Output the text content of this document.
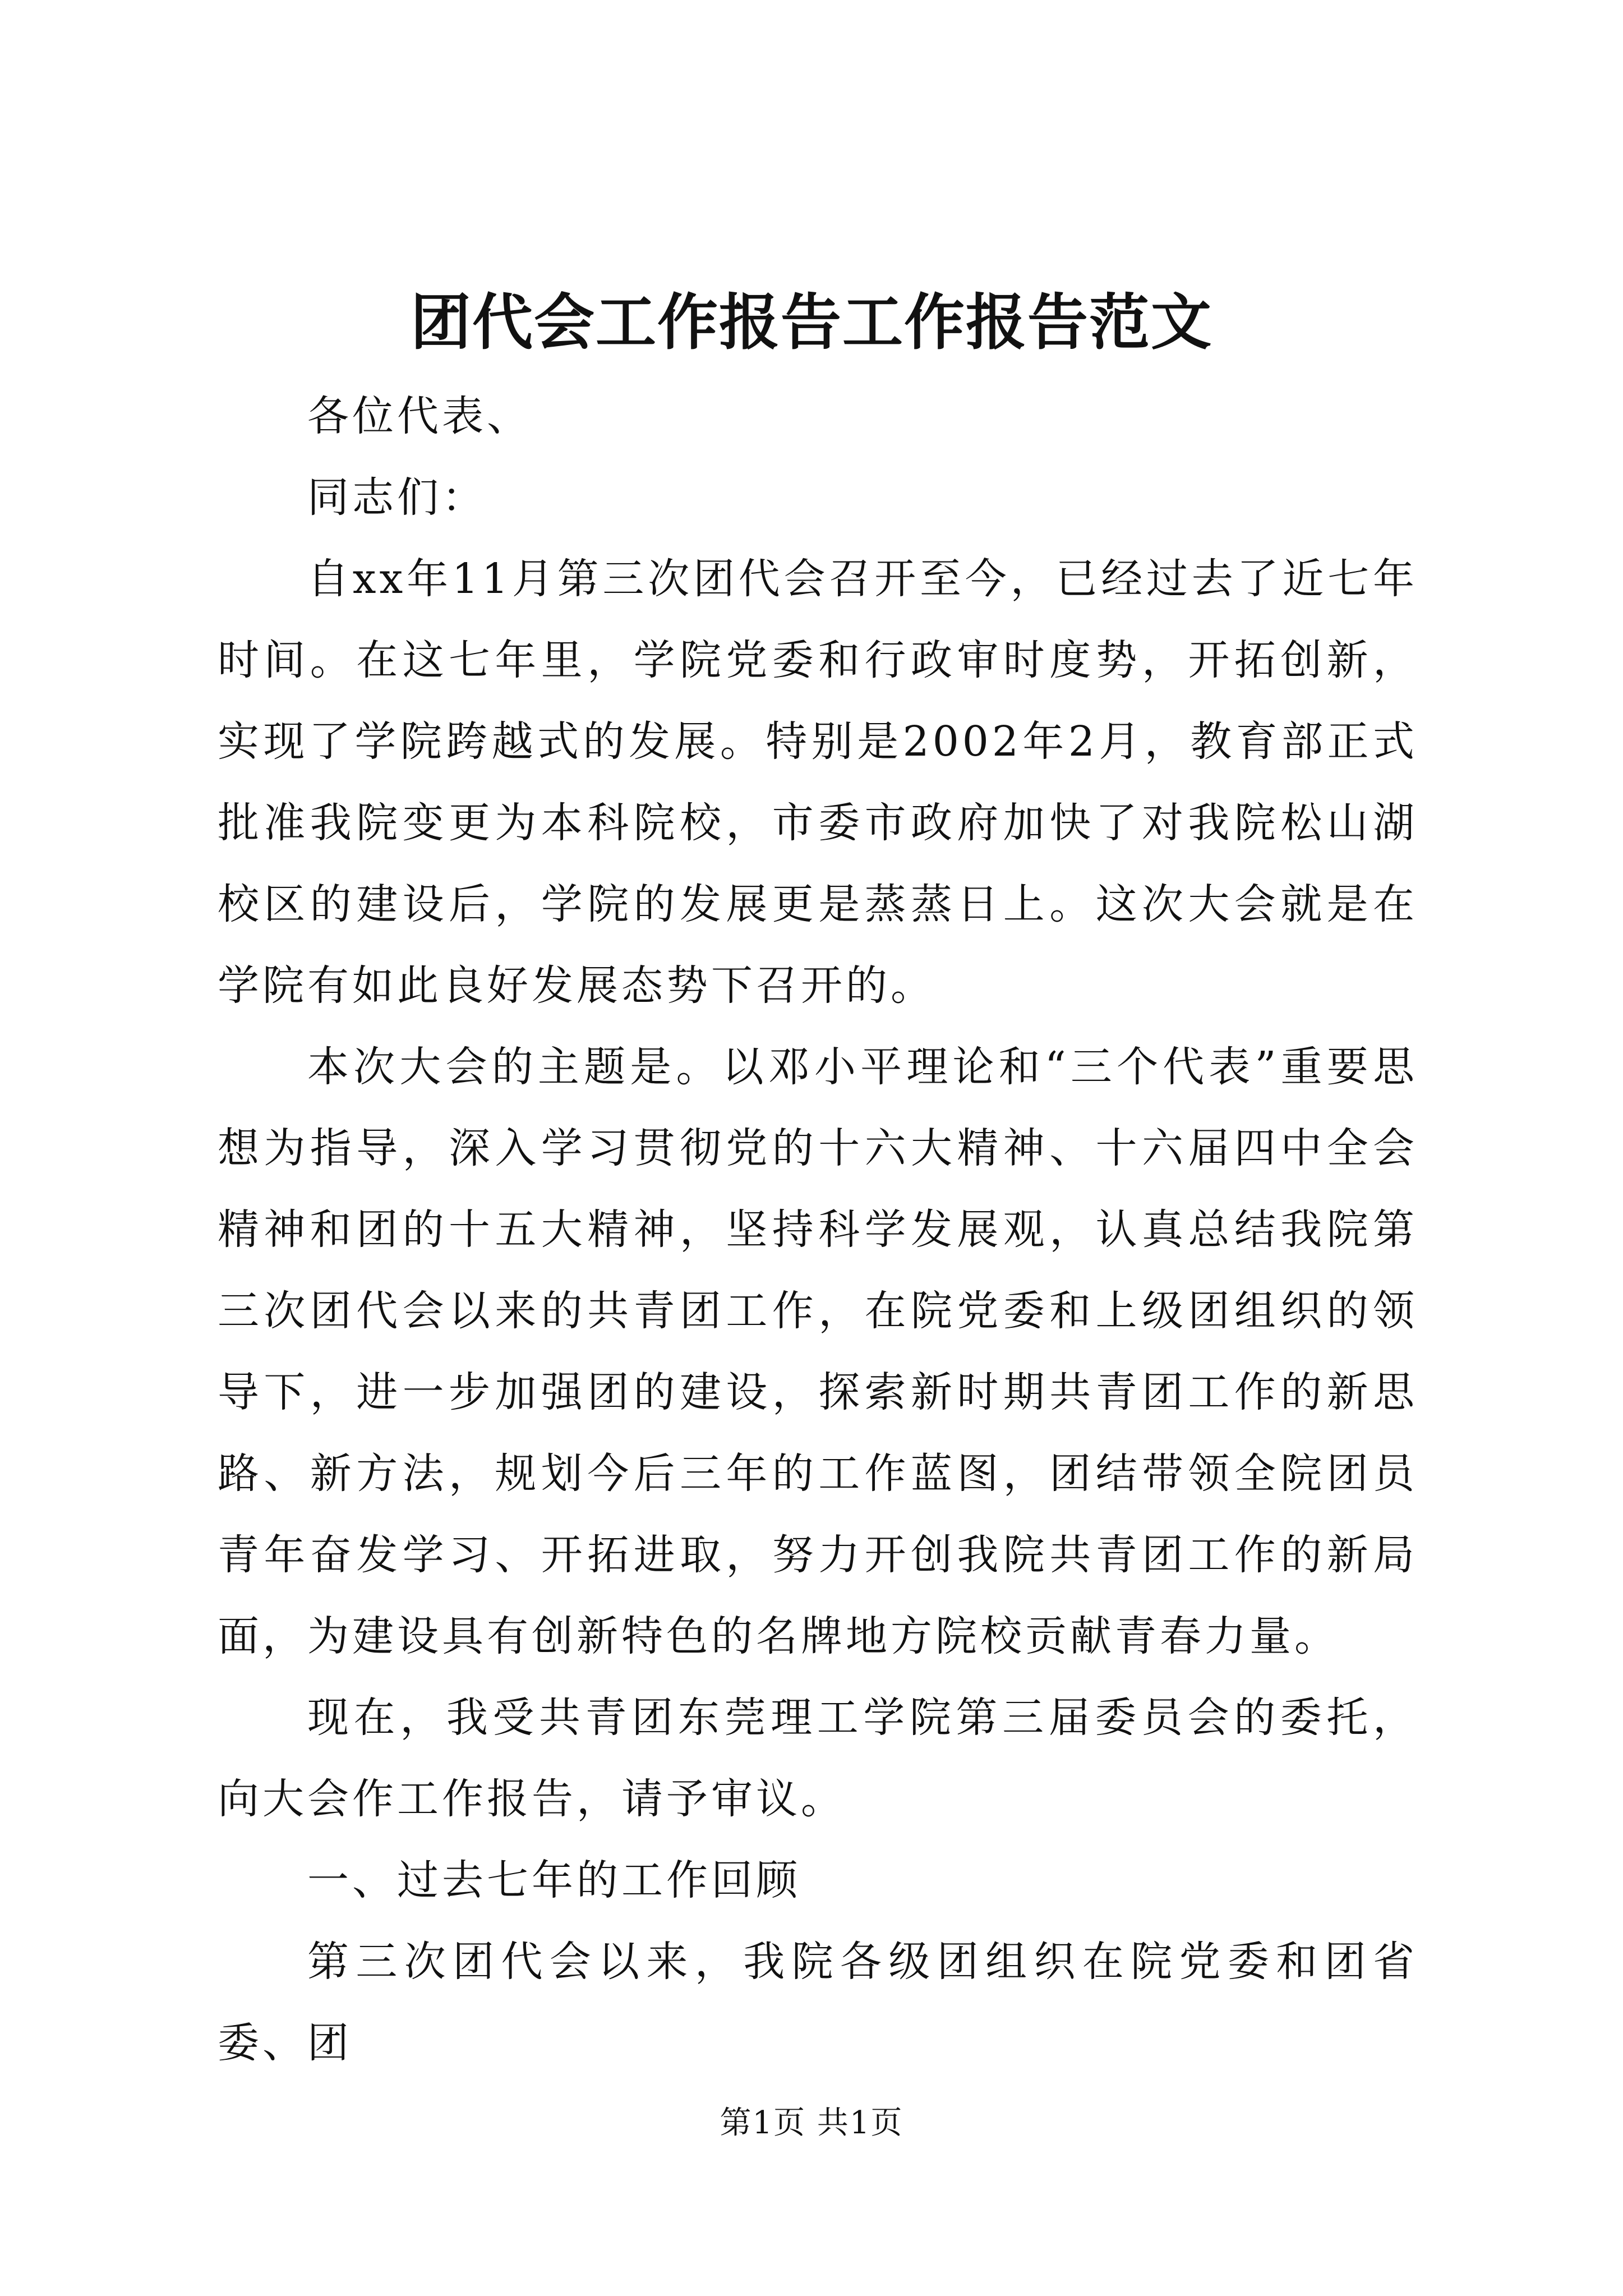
团代会工作报告工作报告范文

各位代表、

同志们：

自xx年11月第三次团代会召开至今，已经过去了近七年时间。在这七年里，学院党委和行政审时度势，开拓创新，实现了学院跨越式的发展。特别是2002年2月，教育部正式批准我院变更为本科院校，市委市政府加快了对我院松山湖校区的建设后，学院的发展更是蒸蒸日上。这次大会就是在学院有如此良好发展态势下召开的。

本次大会的主题是。以邓小平理论和“三个代表”重要思想为指导，深入学习贯彻党的十六大精神、十六届四中全会精神和团的十五大精神，坚持科学发展观，认真总结我院第三次团代会以来的共青团工作，在院党委和上级团组织的领导下，进一步加强团的建设，探索新时期共青团工作的新思路、新方法，规划今后三年的工作蓝图，团结带领全院团员青年奋发学习、开拓进取，努力开创我院共青团工作的新局面，为建设具有创新特色的名牌地方院校贡献青春力量。

现在，我受共青团东莞理工学院第三届委员会的委托，向大会作工作报告，请予审议。

一、过去七年的工作回顾

第三次团代会以来，我院各级团组织在院党委和团省委、团

第1页 共1页
